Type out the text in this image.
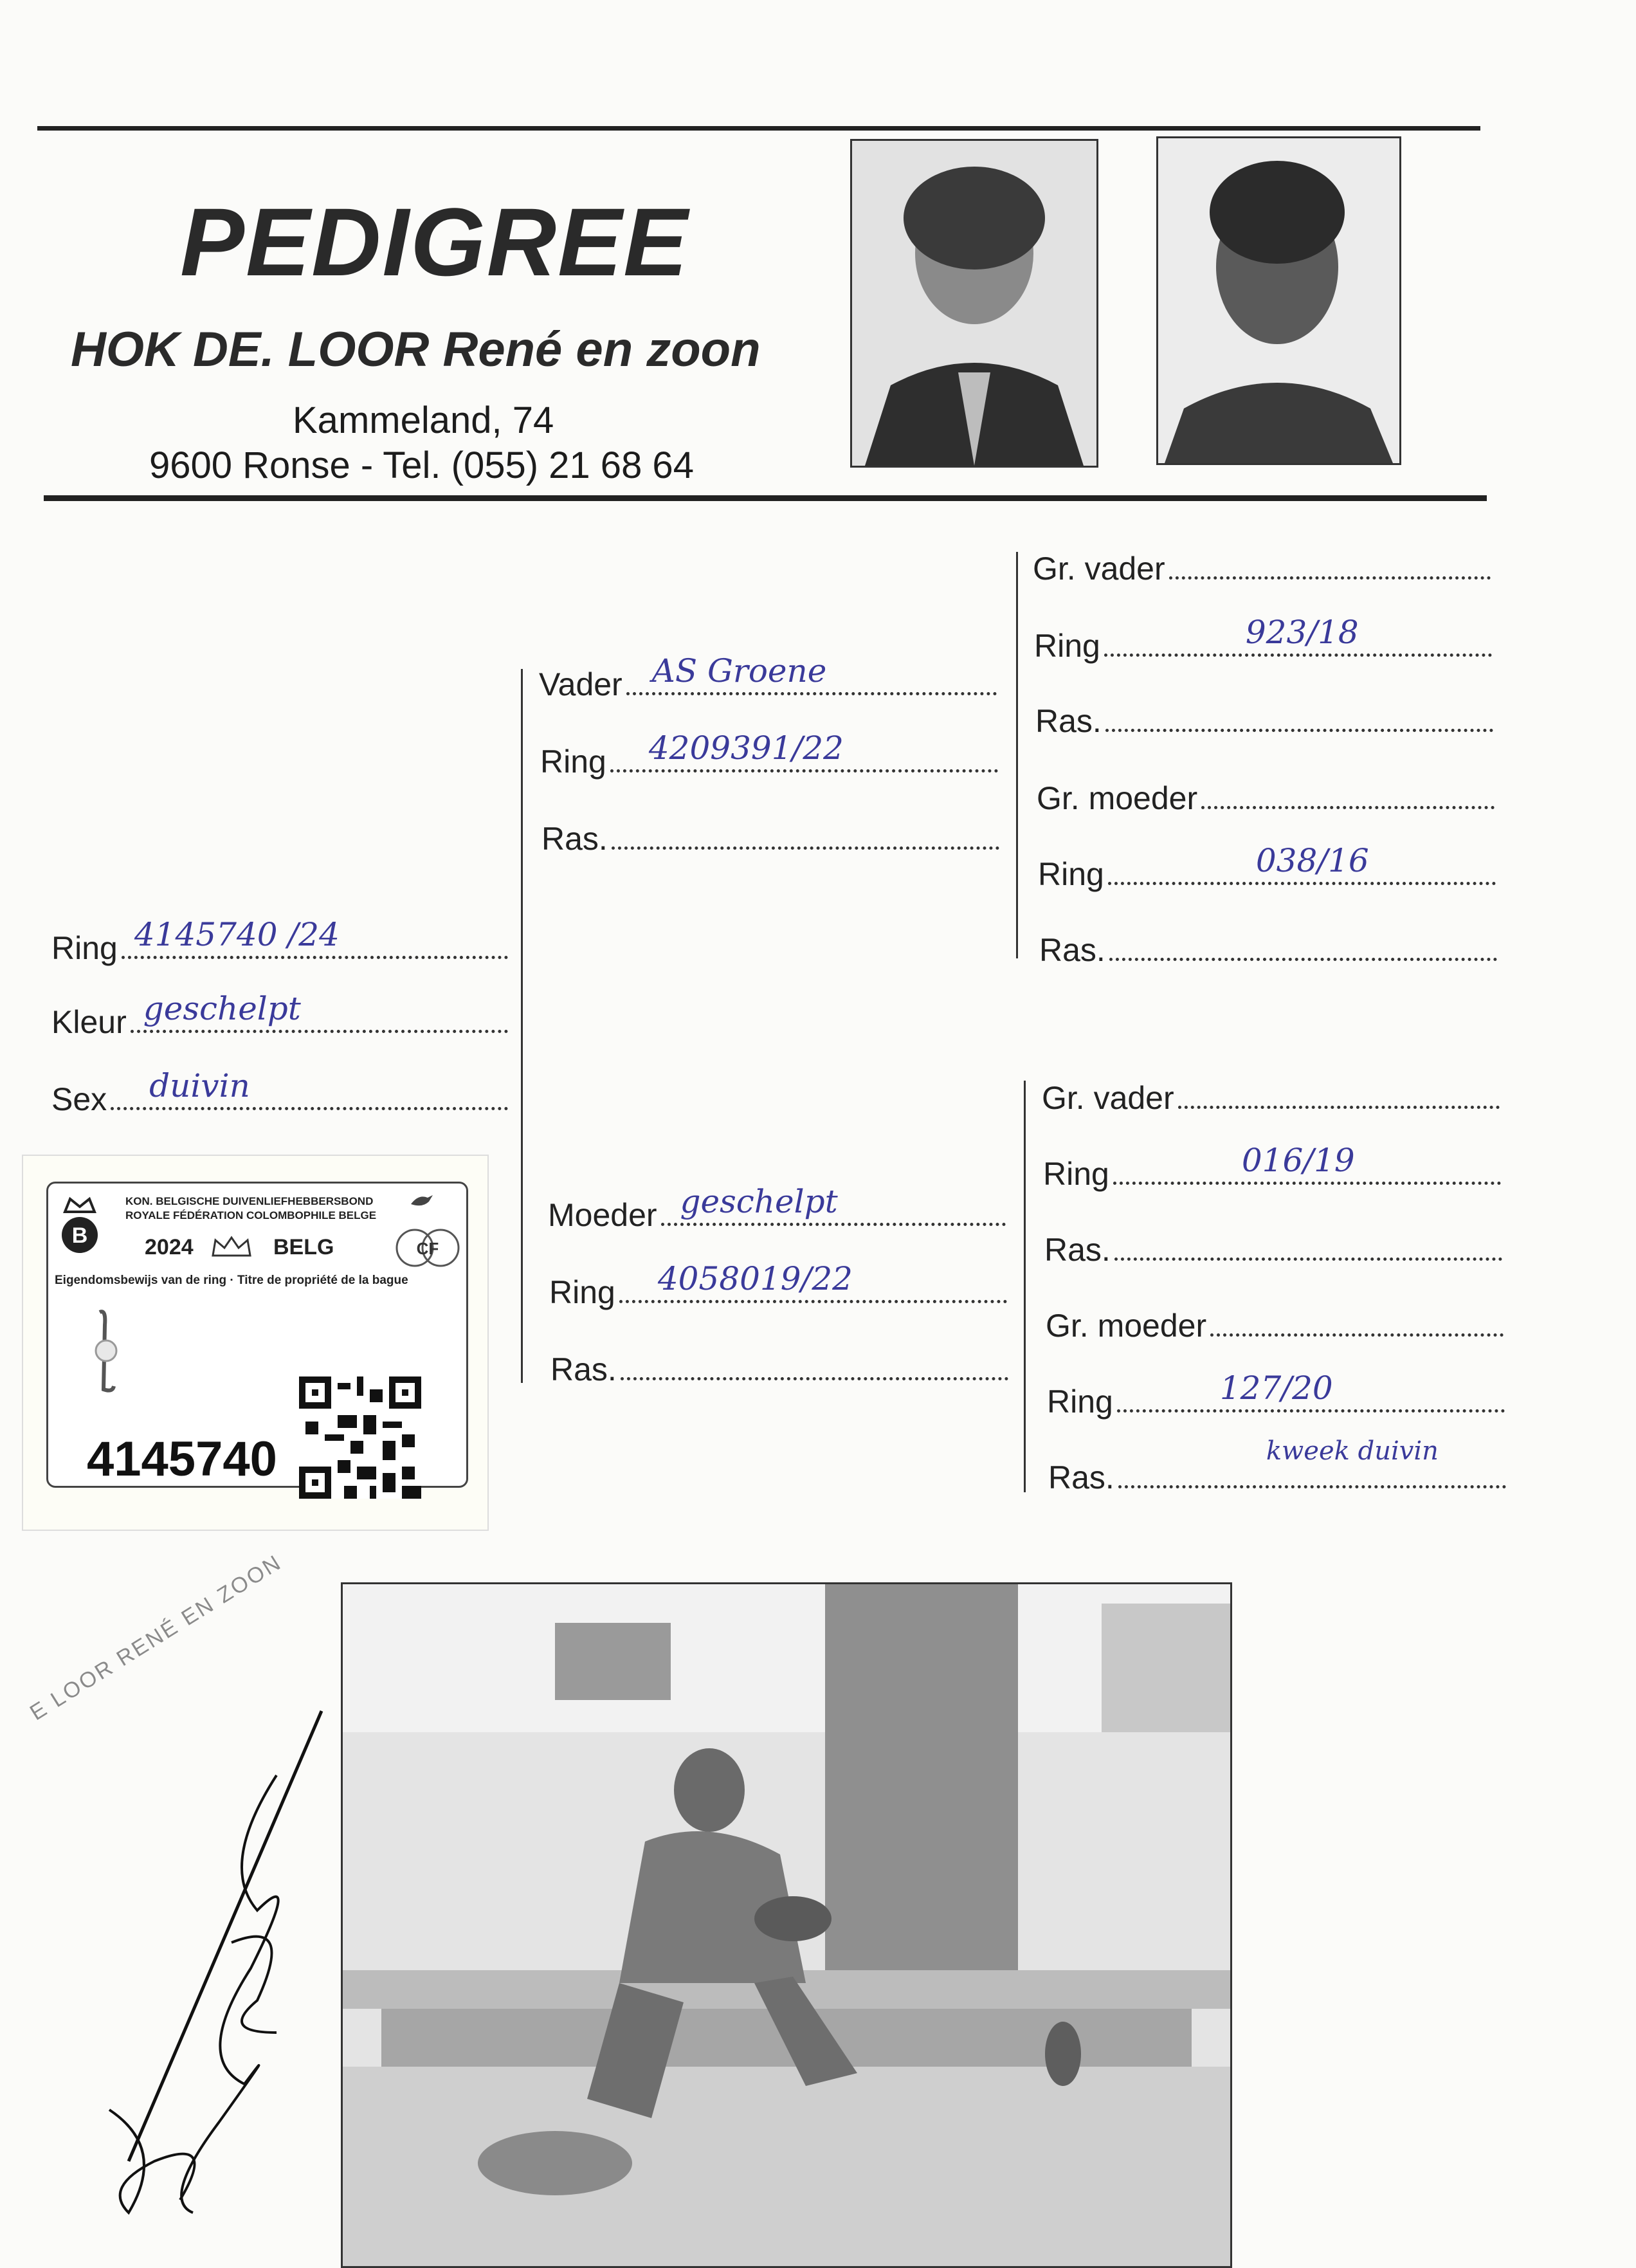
PEDIGREE
HOK DE. LOOR René en zoon
Kammeland, 74
9600 Ronse - Tel. (055) 21 68 64
Ring 4145740 /24
Kleur geschelpt
Sex duivin
Vader AS Groene
Ring 4209391/22
Ras.
Moeder geschelpt
Ring 4058019/22
Ras.
Gr. vader
Ring	923/18
Ras.
Gr. moeder
Ring	038/16
Ras.
Gr. vader
Ring	016/19
Ras.
Gr. moeder
Ring	127/20
Ras.
kweek duivin
B
KON. BELGISCHE DUIVENLIEFHEBBERSBOND
ROYALE FÉDÉRATION COLOMBOPHILE BELGE
2024	BELG	CF
Eigendomsbewijs van de ring · Titre de propriété de la bague
4145740
E LOOR RENÉ EN ZOON
